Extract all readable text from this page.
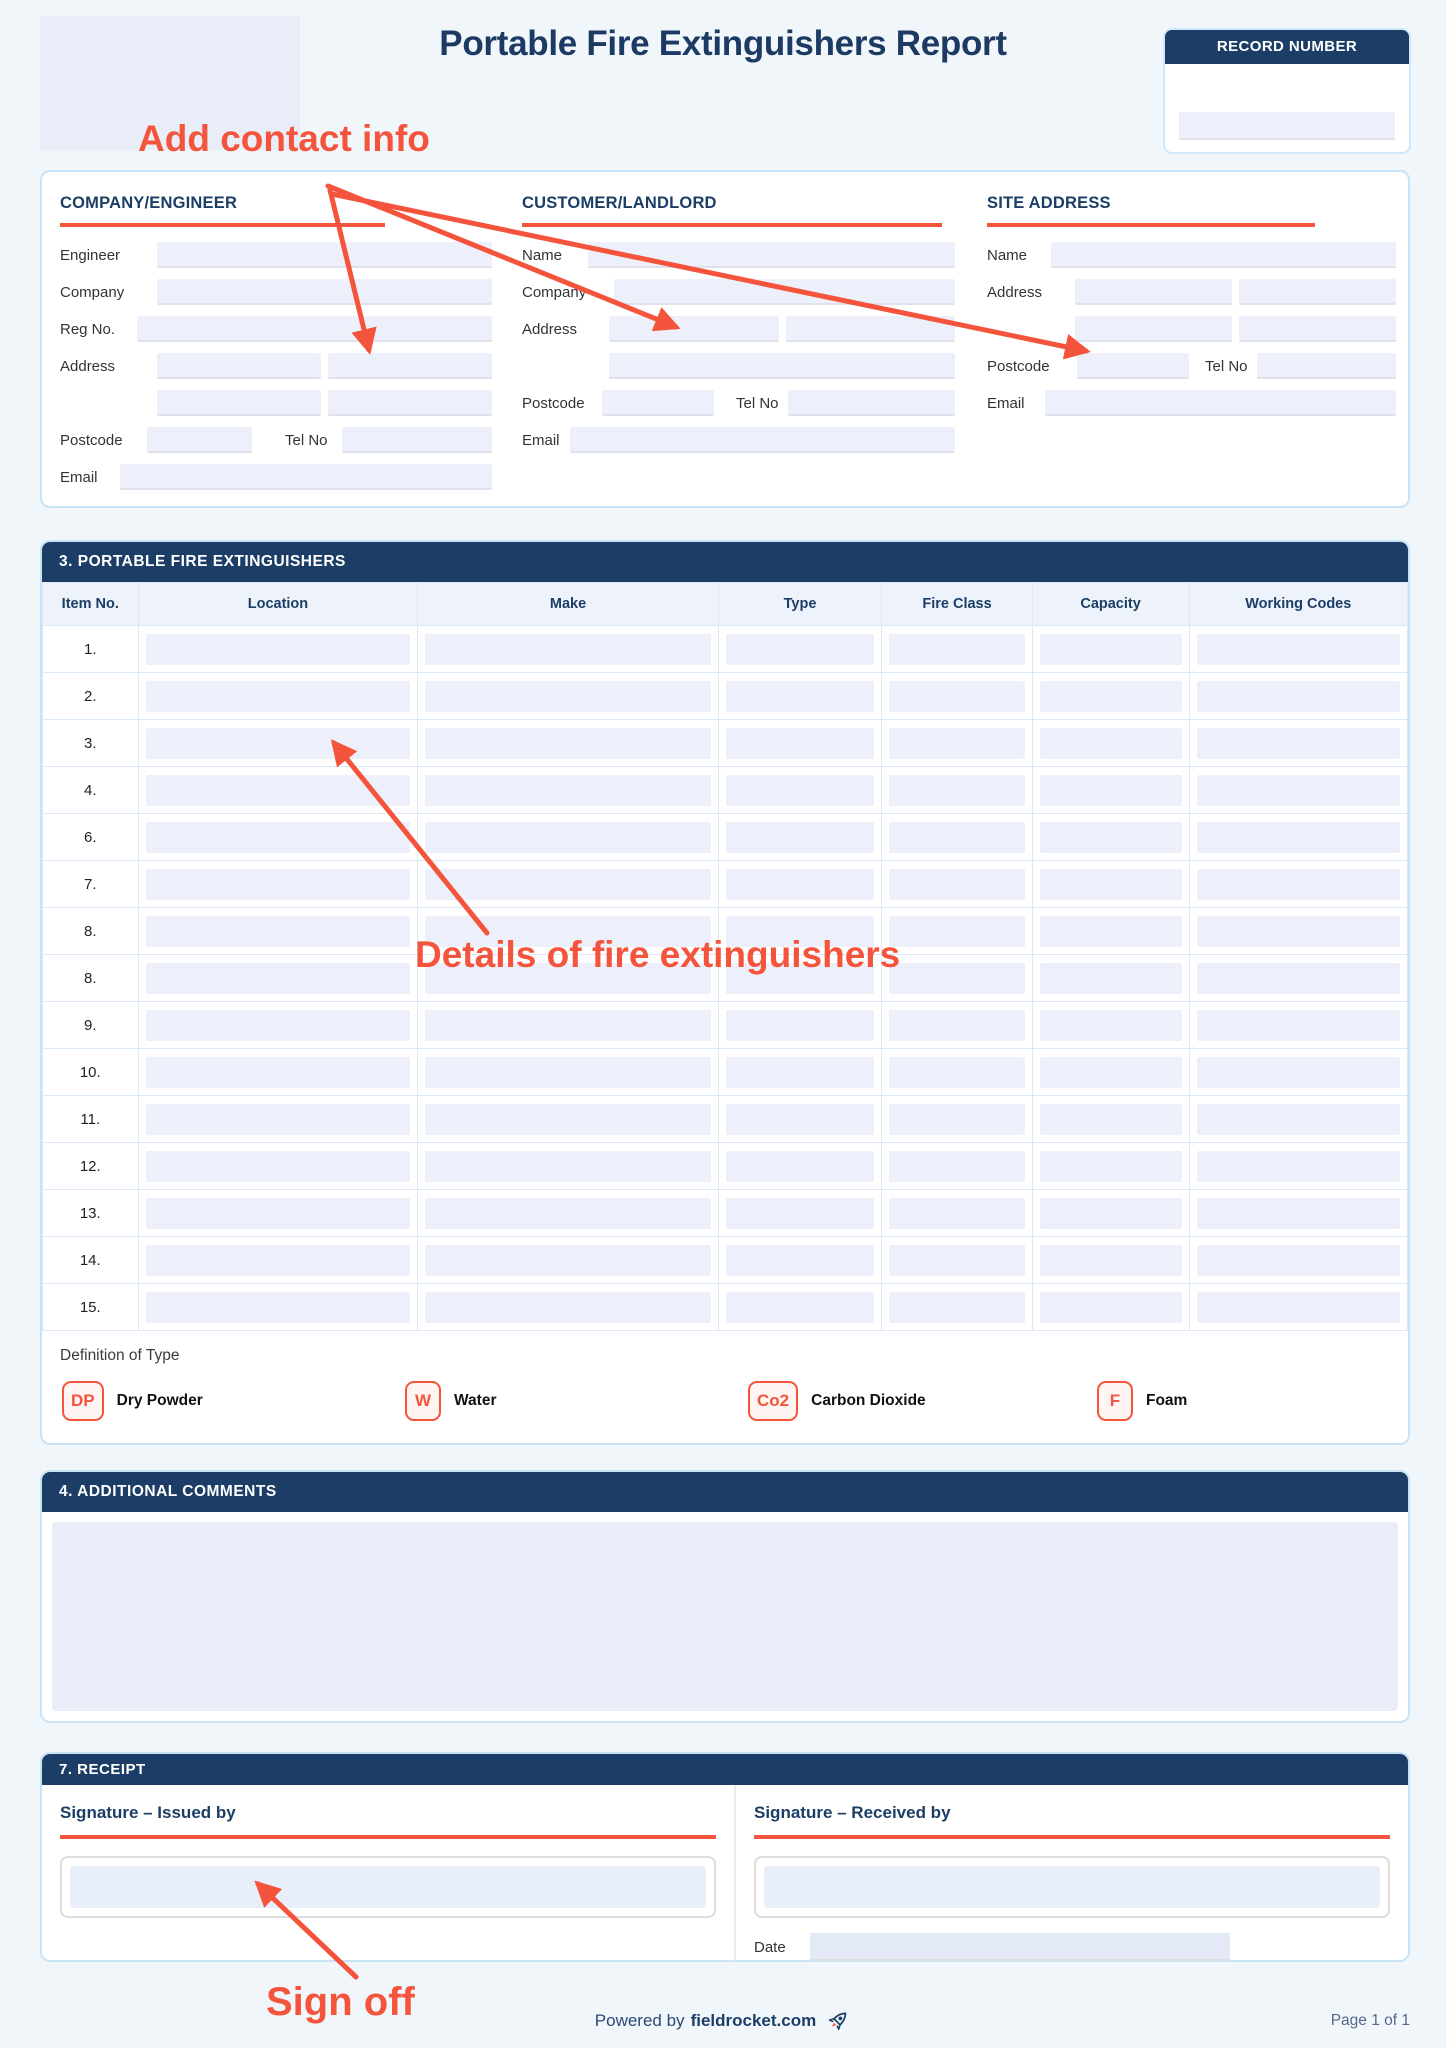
Portable Fire Extinguishers Report	RECORD NUMBER
Add contact info
Details of fire extinguishers
Sign off
COMPANY/ENGINEER
Engineer
Company
Reg No.
Address
Postcode	Tel No
Email
CUSTOMER/LANDLORD
Name
Company
Address
Postcode	Tel No
Email
SITE ADDRESS
Name
Address
Postcode	Tel No
Email
3. PORTABLE FIRE EXTINGUISHERS
Item No.	Location	Make	Type	Fire Class	Capacity	Working Codes
1.	

2.	

3.	

4.	

6.	

7.	

8.	

8.	

9.	

10.	

11.	

12.	

13.	

14.	

15.	

Definition of Type
DP	Dry Powder	W	Water	Co2	Carbon Dioxide	F	Foam
4. ADDITIONAL COMMENTS
7. RECEIPT
Signature – Issued by	Signature – Received by
Date
Powered by fieldrocket.com	Page 1 of 1
